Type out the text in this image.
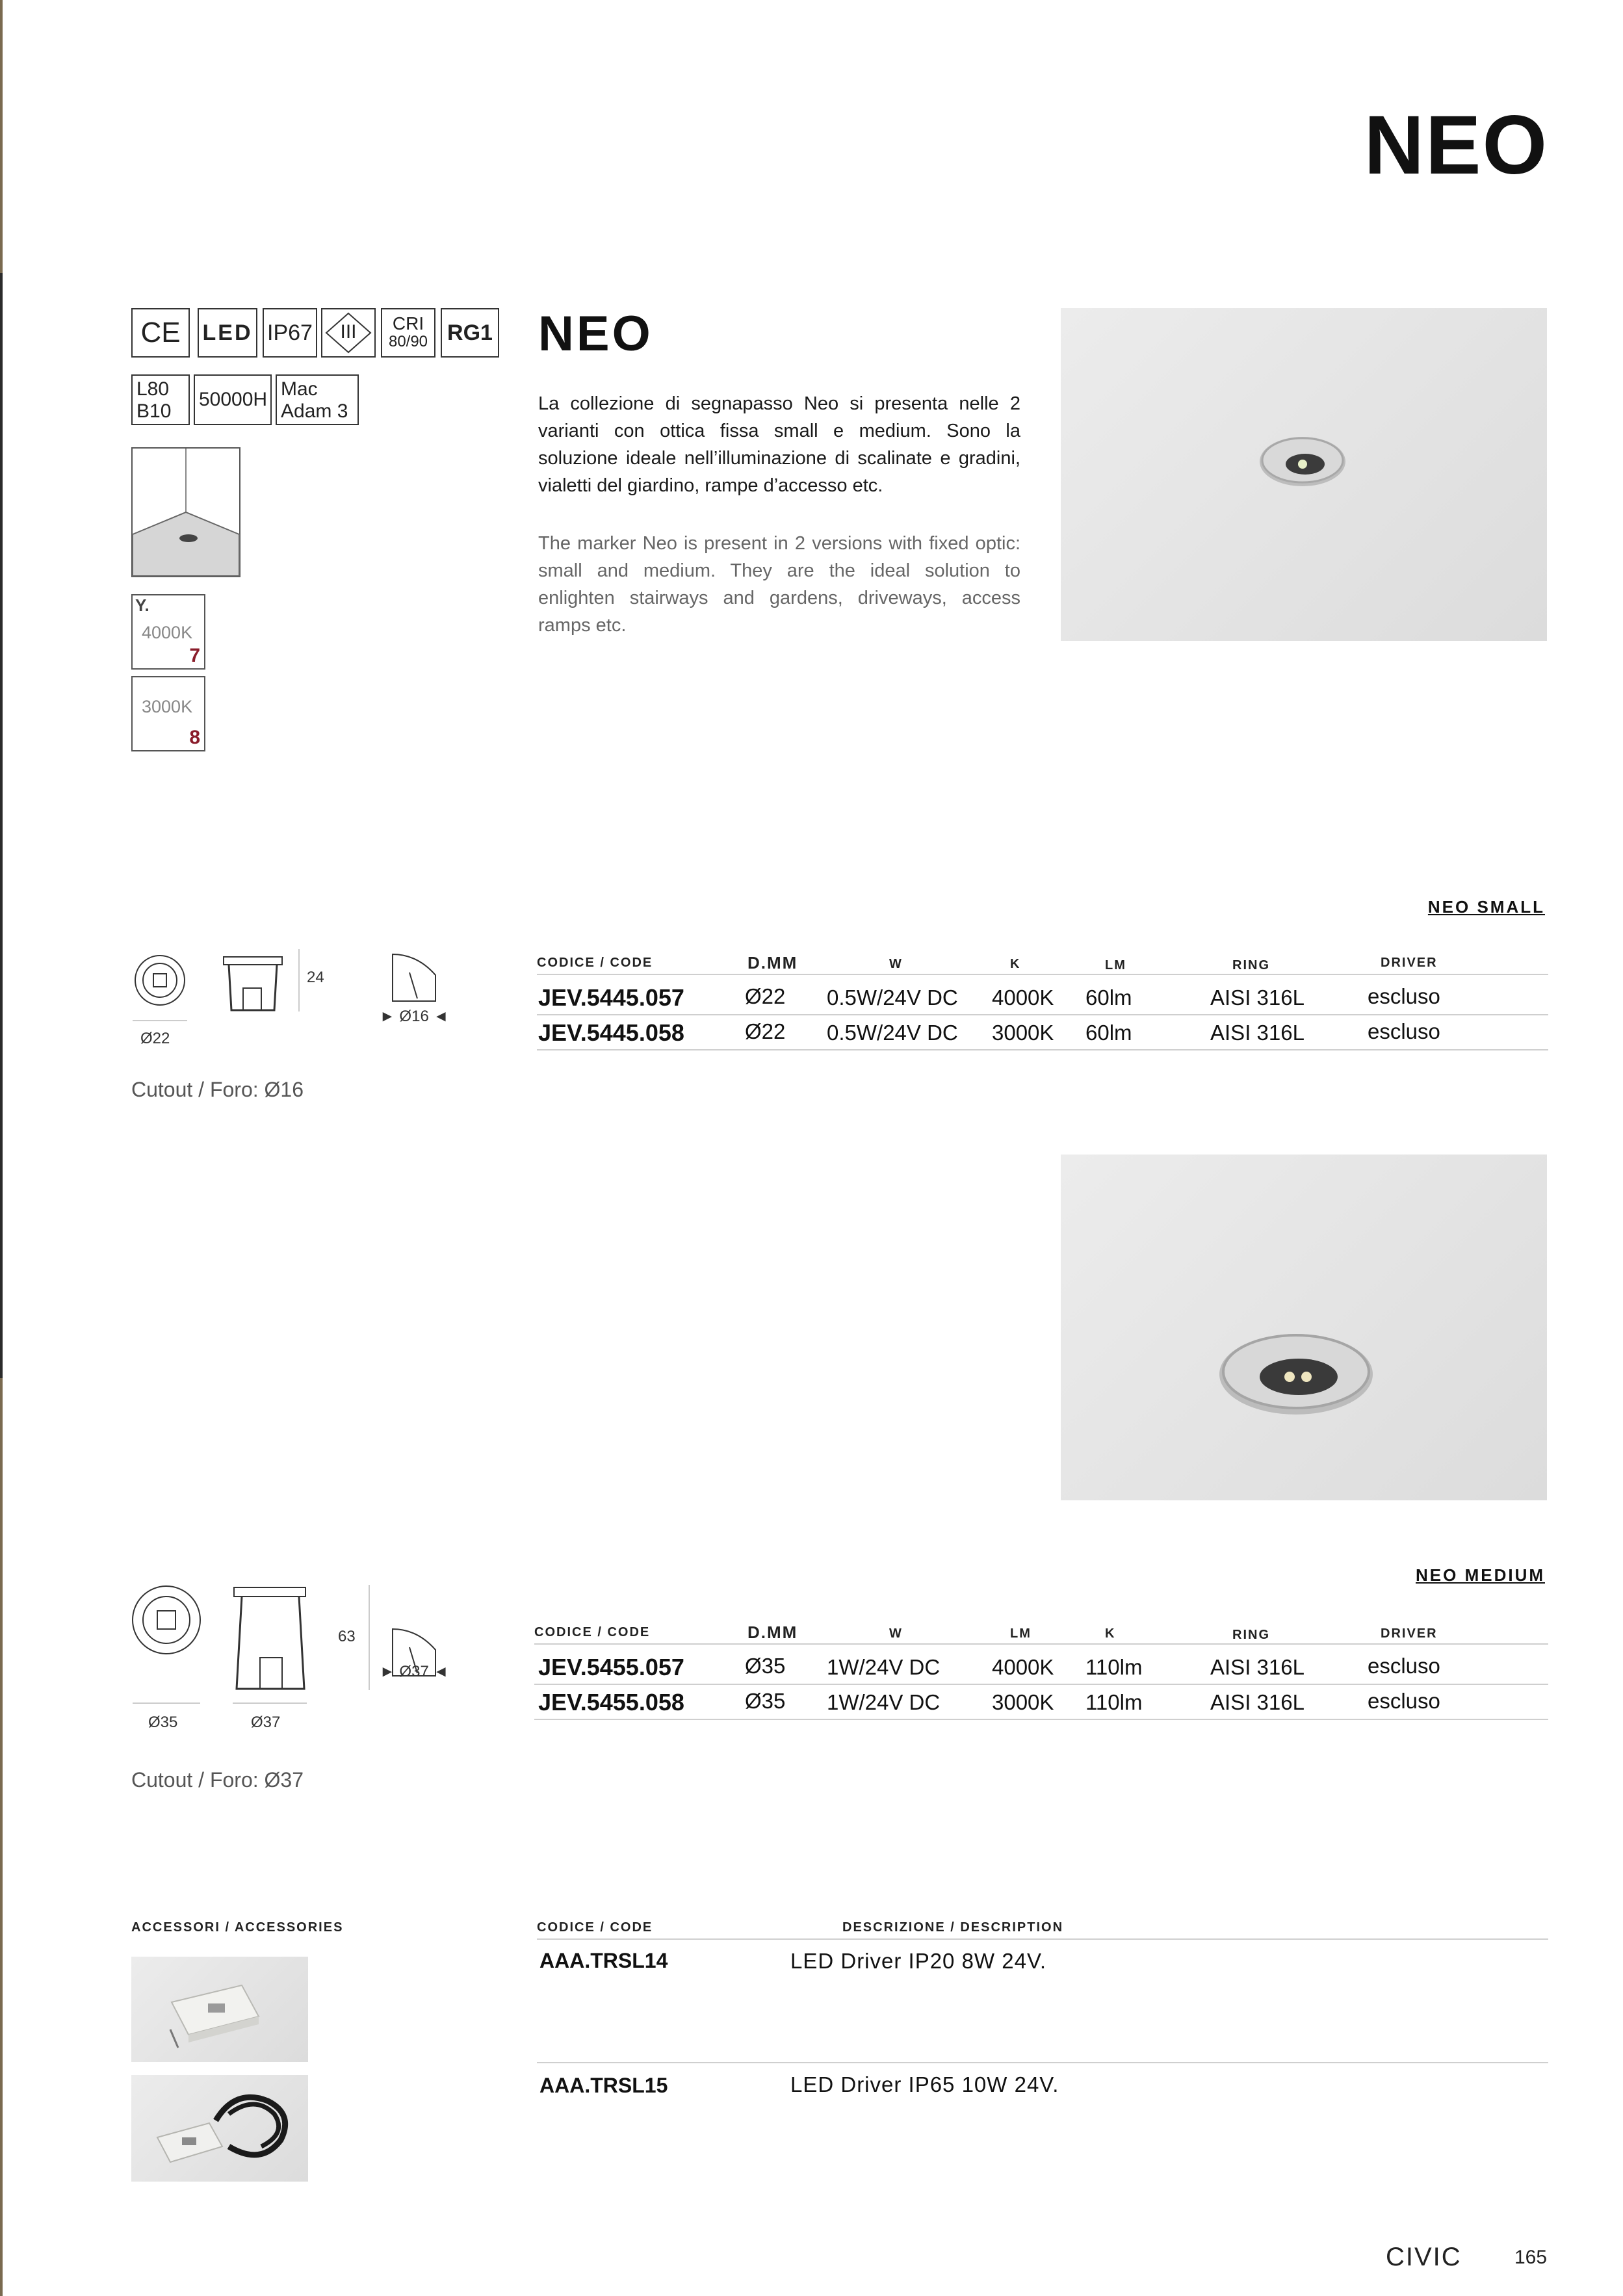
NEO
CE LED IP67	III	CRI
80/90 RG1
L80
B10
50000H Mac
Adam 3
Y.
4000K
7
3000K
8
NEO
La collezione di segnapasso Neo si presenta nelle 2 varianti con ottica fissa small e medium. Sono la soluzione ideale nell’illuminazione di scalinate e gradini, vialetti del giardino, rampe d’accesso etc.
The marker Neo is present in 2 versions with fixed optic: small and medium. They are the ideal solution to enlighten stairways and gardens, driveways, access ramps etc.
NEO SMALL
24
► Ø16 ◄
Ø22
Cutout / Foro: Ø16
CODICE / CODE	D.MM	W	K	LM	RING	DRIVER
JEV.5445.057	Ø22 0.5W/24V DC 4000K 60lm	AISI 316L	escluso
JEV.5445.058	Ø22 0.5W/24V DC 3000K 60lm	AISI 316L	escluso
NEO MEDIUM
63
► Ø37 ◄
Ø35	Ø37
Cutout / Foro: Ø37
CODICE / CODE	D.MM	W	LM	K	RING	DRIVER
JEV.5455.057	Ø35 1W/24V DC 4000K 110lm	AISI 316L	escluso
JEV.5455.058	Ø35 1W/24V DC 3000K 110lm	AISI 316L	escluso
ACCESSORI / ACCESSORIES	CODICE / CODE	DESCRIZIONE / DESCRIPTION
AAA.TRSL14	LED Driver IP20 8W 24V.
AAA.TRSL15	LED Driver IP65 10W 24V.
CIVIC	165
